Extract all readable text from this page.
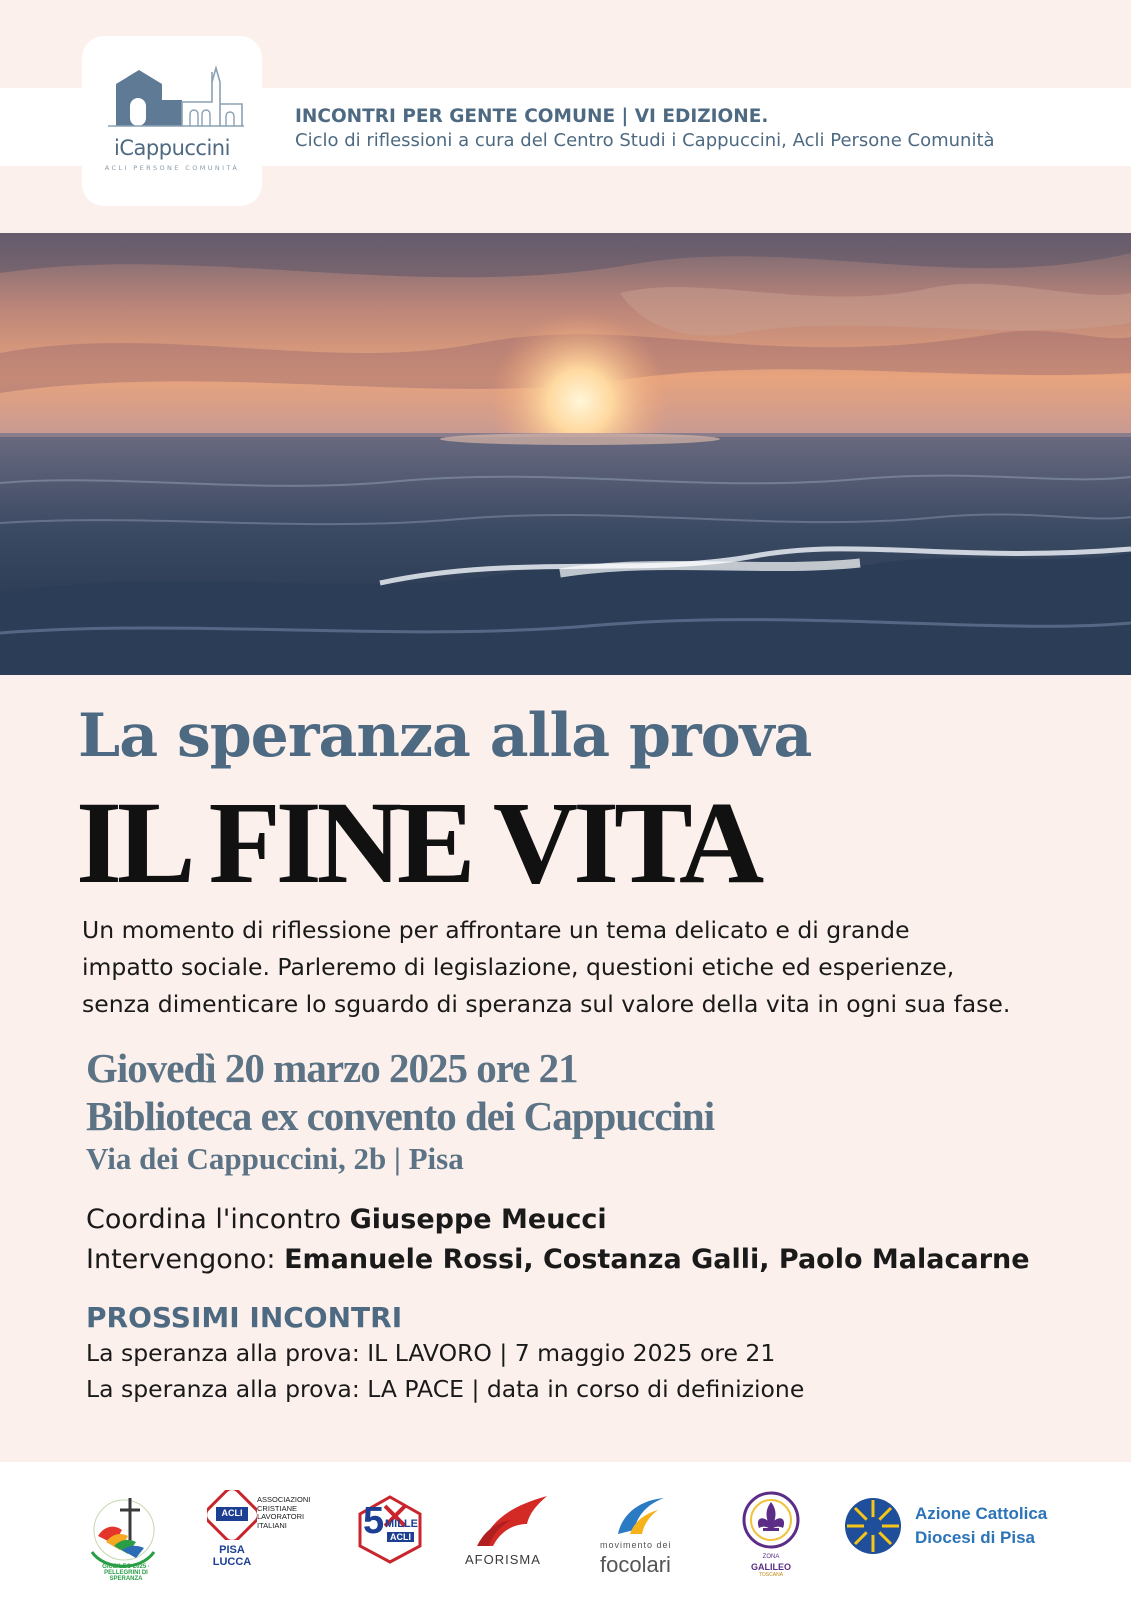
iCappuccini
ACLI PERSONE COMUNITÀ
INCONTRI PER GENTE COMUNE | VI EDIZIONE.
Ciclo di riflessioni a cura del Centro Studi i Cappuccini, Acli Persone Comunità
La speranza alla prova
IL FINE VITA
Un momento di riflessione per affrontare un tema delicato e di grande
impatto sociale. Parleremo di legislazione, questioni etiche ed esperienze,
senza dimenticare lo sguardo di speranza sul valore della vita in ogni sua fase.
Giovedì 20 marzo 2025 ore 21
Biblioteca ex convento dei Cappuccini
Via dei Cappuccini, 2b | Pisa
Coordina l'incontro Giuseppe Meucci
Intervengono: Emanuele Rossi, Costanza Galli, Paolo Malacarne
PROSSIMI INCONTRI
La speranza alla prova: IL LAVORO | 7 maggio 2025 ore 21
La speranza alla prova: LA PACE | data in corso di definizione
GIUBILEO 2025 · PELLEGRINI DI SPERANZA
ACLI
ASSOCIAZIONI
CRISTIANE
LAVORATORI
ITALIANI
PISA
LUCCA
5 MILLE
ACLI
AFORISMA
movimento dei
focolari	ZONA
GALILEO
TOSCANA
Azione Cattolica
Diocesi di Pisa
